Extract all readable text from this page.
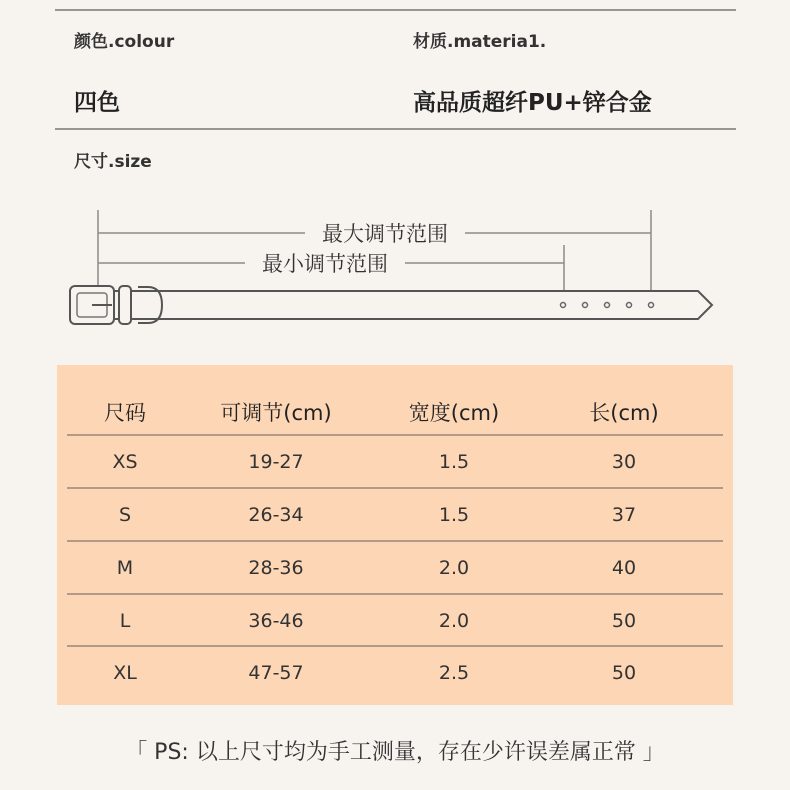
颜色.colour	材质.materia1.
四色	高品质超纤PU+锌合金
尺寸.size
最大调节范围
最小调节范围
尺码	可调节(cm)	宽度(cm)	长(cm)
XS	19-27	1.5	30
S	26-34	1.5	37
M	28-36	2.0	40
L	36-46	2.0	50
XL	47-57	2.5	50
「 PS: 以上尺寸均为手工测量，存在少许误差属正常 」
